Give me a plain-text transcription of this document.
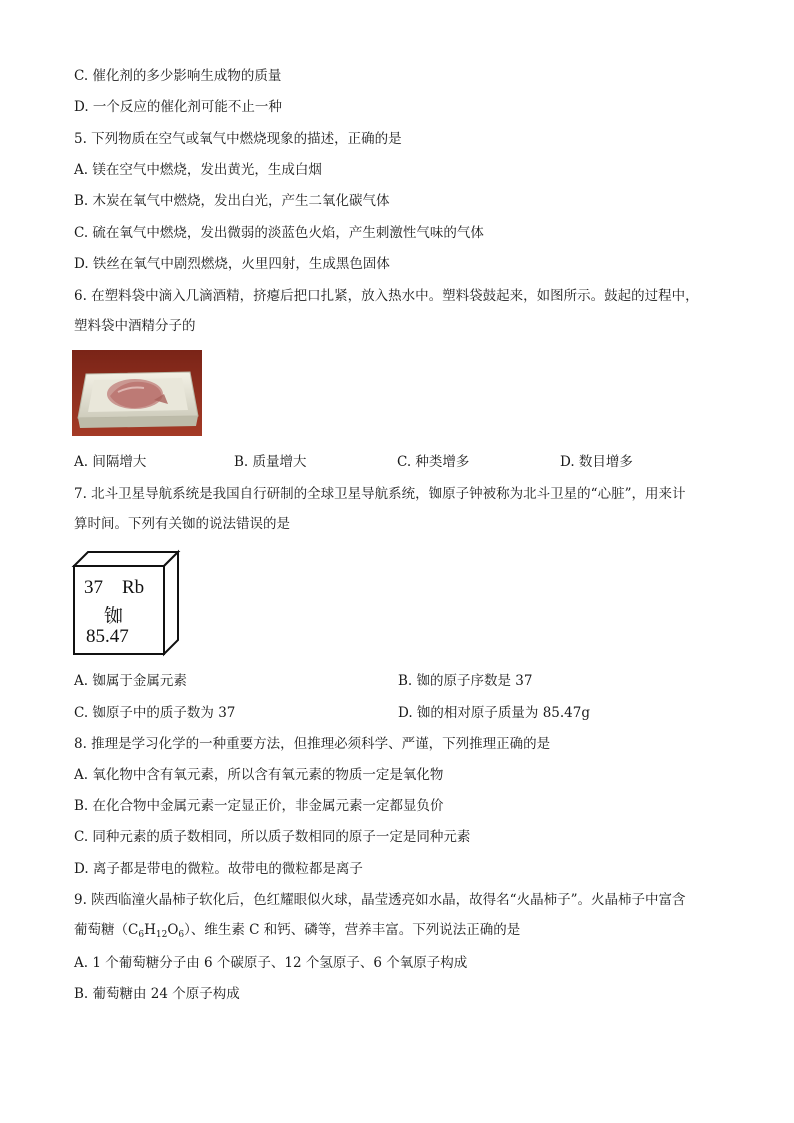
C. 催化剂的多少影响生成物的质量
D. 一个反应的催化剂可能不止一种
5. 下列物质在空气或氧气中燃烧现象的描述，正确的是
A. 镁在空气中燃烧，发出黄光，生成白烟
B. 木炭在氧气中燃烧，发出白光，产生二氧化碳气体
C. 硫在氧气中燃烧，发出微弱的淡蓝色火焰，产生刺激性气味的气体
D. 铁丝在氧气中剧烈燃烧，火里四射，生成黑色固体
6. 在塑料袋中滴入几滴酒精，挤瘪后把口扎紧，放入热水中。塑料袋鼓起来，如图所示。鼓起的过程中，
塑料袋中酒精分子的
A. 间隔增大	B. 质量增大	C. 种类增多	D. 数目增多
7. 北斗卫星导航系统是我国自行研制的全球卫星导航系统，铷原子钟被称为北斗卫星的“心脏”，用来计
算时间。下列有关铷的说法错误的是
37 Rb
铷
85.47
A. 铷属于金属元素	B. 铷的原子序数是 37
C. 铷原子中的质子数为 37	D. 铷的相对原子质量为 85.47g
8. 推理是学习化学的一种重要方法，但推理必须科学、严谨，下列推理正确的是
A. 氧化物中含有氧元素，所以含有氧元素的物质一定是氧化物
B. 在化合物中金属元素一定显正价，非金属元素一定都显负价
C. 同种元素的质子数相同，所以质子数相同的原子一定是同种元素
D. 离子都是带电的微粒。故带电的微粒都是离子
9. 陕西临潼火晶柿子软化后，色红耀眼似火球，晶莹透亮如水晶，故得名“火晶柿子”。火晶柿子中富含
葡萄糖$(C_6H_{12}O_6)$、维生素 C 和钙、磷等，营养丰富。下列说法正确的是
A. 1 个葡萄糖分子由 6 个碳原子、12 个氢原子、6 个氧原子构成
B. 葡萄糖由 24 个原子构成
